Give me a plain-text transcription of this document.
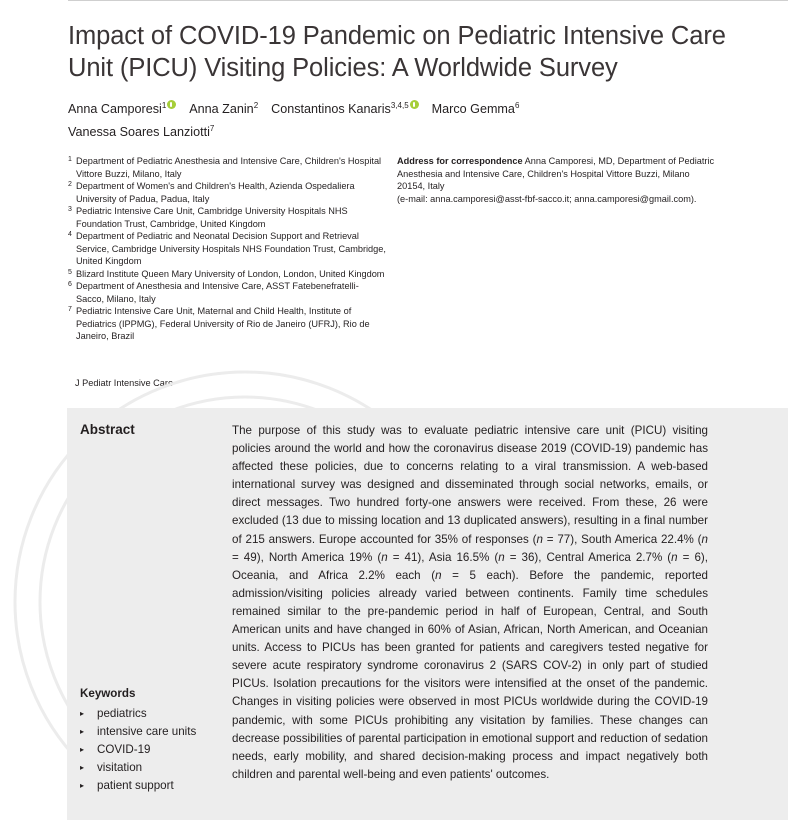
Impact of COVID-19 Pandemic on Pediatric Intensive Care Unit (PICU) Visiting Policies: A Worldwide Survey
Anna Camporesi$^1$ Anna Zanin$^2$ Constantinos Kanaris$^{3,4,5}$ Marco Gemma$^6$
Vanessa Soares Lanziotti$^7$
1 Department of Pediatric Anesthesia and Intensive Care, Children's Hospital Vittore Buzzi, Milano, Italy
2 Department of Women's and Children's Health, Azienda Ospedaliera University of Padua, Padua, Italy
3 Pediatric Intensive Care Unit, Cambridge University Hospitals NHS Foundation Trust, Cambridge, United Kingdom
4 Department of Pediatric and Neonatal Decision Support and Retrieval Service, Cambridge University Hospitals NHS Foundation Trust, Cambridge, United Kingdom
5 Blizard Institute Queen Mary University of London, London, United Kingdom
6 Department of Anesthesia and Intensive Care, ASST Fatebenefratelli-Sacco, Milano, Italy
7 Pediatric Intensive Care Unit, Maternal and Child Health, Institute of Pediatrics (IPPMG), Federal University of Rio de Janeiro (UFRJ), Rio de Janeiro, Brazil
J Pediatr Intensive Care
Address for correspondence Anna Camporesi, MD, Department of Pediatric Anesthesia and Intensive Care, Children's Hospital Vittore Buzzi, Milano 20154, Italy
(e-mail: anna.camporesi@asst-fbf-sacco.it; anna.camporesi@gmail.com).
Abstract	The purpose of this study was to evaluate pediatric intensive care unit (PICU) visiting policies around the world and how the coronavirus disease 2019 (COVID-19) pandemic has affected these policies, due to concerns relating to a viral transmission. A web-based international survey was designed and disseminated through social networks, emails, or direct messages. Two hundred forty-one answers were received. From these, 26 were excluded (13 due to missing location and 13 duplicated answers), resulting in a final number of 215 answers. Europe accounted for 35% of responses (n = 77), South America 22.4% (n = 49), North America 19% (n = 41), Asia 16.5% (n = 36), Central America 2.7% (n = 6), Oceania, and Africa 2.2% each (n = 5 each). Before the pandemic, reported admission/visiting policies already varied between continents. Family time schedules remained similar to the pre-pandemic period in half of European, Central, and South American units and have changed in 60% of Asian, African, North American, and Oceanian units. Access to PICUs has been granted for patients and caregivers tested negative for severe acute respiratory syndrome coronavirus 2 (SARS COV-2) in only part of studied PICUs. Isolation precautions for the visitors were intensified at the onset of the pandemic. Changes in visiting policies were observed in most PICUs worldwide during the COVID-19 pandemic, with some PICUs prohibiting any visitation by families. These changes can decrease possibilities of parental participation in emotional support and reduction of sedation needs, early mobility, and shared decision-making process and impact negatively both children and parental well-being and even patients' outcomes.

Keywords
▸	pediatrics
▸	intensive care units
▸	COVID-19
▸	visitation
▸	patient support
